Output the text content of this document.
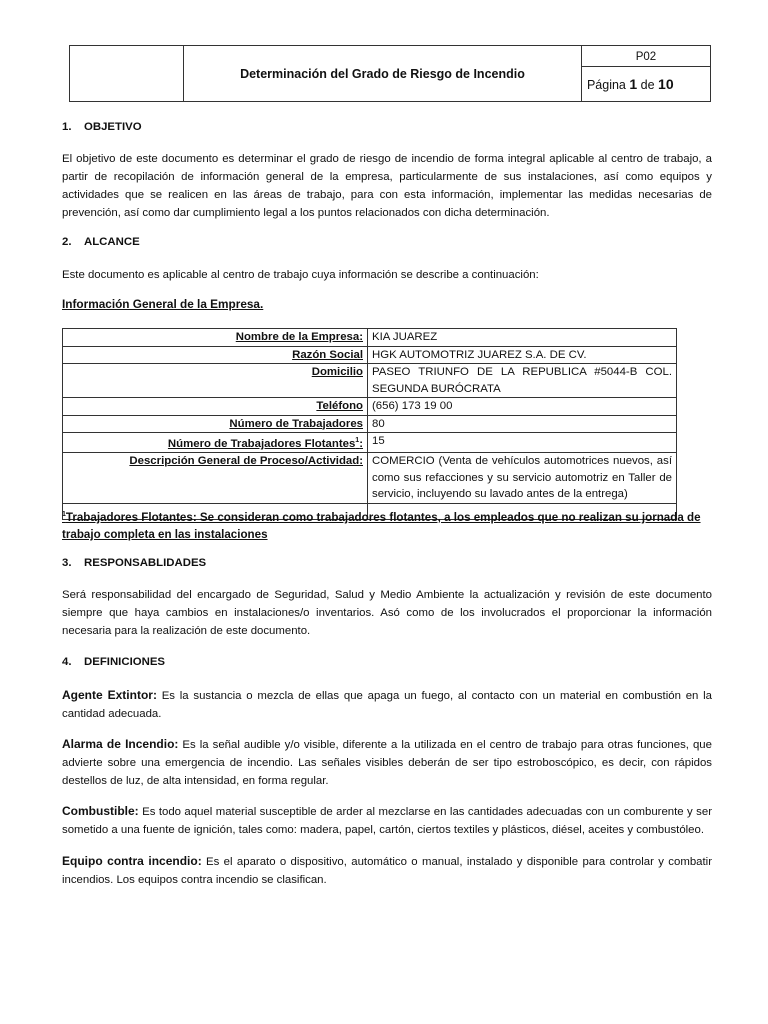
	Determinación del Grado de Riesgo de Incendio	P02
Página 1 de 10
1. OBJETIVO
El objetivo de este documento es determinar el grado de riesgo de incendio de forma integral aplicable al centro de trabajo, a partir de recopilación de información general de la empresa, particularmente de sus instalaciones, así como equipos y actividades que se realicen en las áreas de trabajo, para con esta información, implementar las medidas necesarias de prevención, así como dar cumplimiento legal a los puntos relacionados con dicha determinación.
2. ALCANCE
Este documento es aplicable al centro de trabajo cuya información se describe a continuación:
Información General de la Empresa.
Nombre de la Empresa:	KIA JUAREZ
Razón Social	HGK AUTOMOTRIZ JUAREZ S.A. DE CV.
Domicilio	PASEO TRIUNFO DE LA REPUBLICA #5044-B COL. SEGUNDA BURÓCRATA
Teléfono	(656) 173 19 00
Número de Trabajadores	80
Número de Trabajadores Flotantes$^1$:	15
Descripción General de Proceso/Actividad:	COMERCIO (Venta de vehículos automotrices nuevos, así como sus refacciones y su servicio automotriz en Taller de servicio, incluyendo su lavado antes de la entrega)

$^1$Trabajadores Flotantes: Se consideran como trabajadores flotantes, a los empleados que no realizan su jornada de trabajo completa en las instalaciones
3. RESPONSABLIDADES
Será responsabilidad del encargado de Seguridad, Salud y Medio Ambiente la actualización y revisión de este documento siempre que haya cambios en instalaciones/o inventarios. Asó como de los involucrados el proporcionar la información necesaria para la realización de este documento.
4. DEFINICIONES
Agente Extintor: Es la sustancia o mezcla de ellas que apaga un fuego, al contacto con un material en combustión en la cantidad adecuada.
Alarma de Incendio: Es la señal audible y/o visible, diferente a la utilizada en el centro de trabajo para otras funciones, que advierte sobre una emergencia de incendio. Las señales visibles deberán de ser tipo estroboscópico, es decir, con rápidos destellos de luz, de alta intensidad, en forma regular.
Combustible: Es todo aquel material susceptible de arder al mezclarse en las cantidades adecuadas con un comburente y ser sometido a una fuente de ignición, tales como: madera, papel, cartón, ciertos textiles y plásticos, diésel, aceites y combustóleo.
Equipo contra incendio: Es el aparato o dispositivo, automático o manual, instalado y disponible para controlar y combatir incendios. Los equipos contra incendio se clasifican.
